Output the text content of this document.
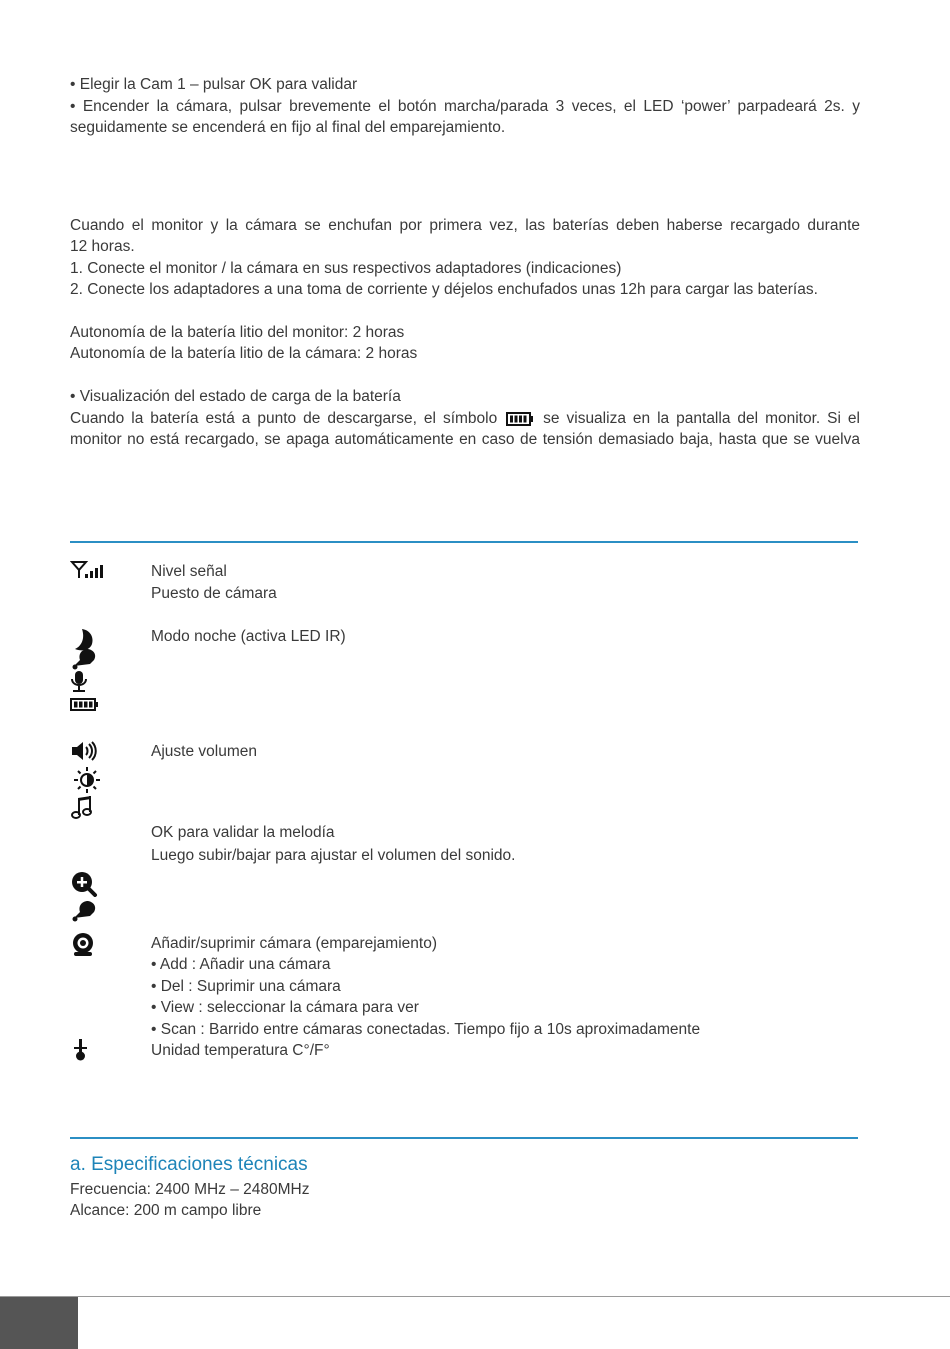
• Elegir la Cam 1 – pulsar OK para validar
• Encender la cámara, pulsar brevemente el botón marcha/parada 3 veces, el LED ‘power’ parpadeará 2s. y
seguidamente se encenderá en fijo al final del emparejamiento.
Cuando el monitor y la cámara se enchufan por primera vez, las baterías deben haberse recargado durante
12 horas.
1. Conecte el monitor / la cámara en sus respectivos adaptadores (indicaciones)
2. Conecte los adaptadores a una toma de corriente y déjelos enchufados unas 12h para cargar las baterías.
Autonomía de la batería litio del monitor: 2 horas
Autonomía de la batería litio de la cámara: 2 horas
• Visualización del estado de carga de la batería
Cuando la batería está a punto de descargarse, el símbolo	se visualiza en la pantalla del monitor. Si el
monitor no está recargado, se apaga automáticamente en caso de tensión demasiado baja, hasta que se vuelva
Nivel señal
Puesto de cámara
Modo noche (activa LED IR)
Ajuste volumen
OK para validar la melodía
Luego subir/bajar para ajustar el volumen del sonido.
Añadir/suprimir cámara (emparejamiento)
• Add : Añadir una cámara
• Del : Suprimir una cámara
• View : seleccionar la cámara para ver
• Scan : Barrido entre cámaras conectadas. Tiempo fijo a 10s aproximadamente
Unidad temperatura C°/F°
a. Especificaciones técnicas
Frecuencia: 2400 MHz – 2480MHz
Alcance: 200 m campo libre
